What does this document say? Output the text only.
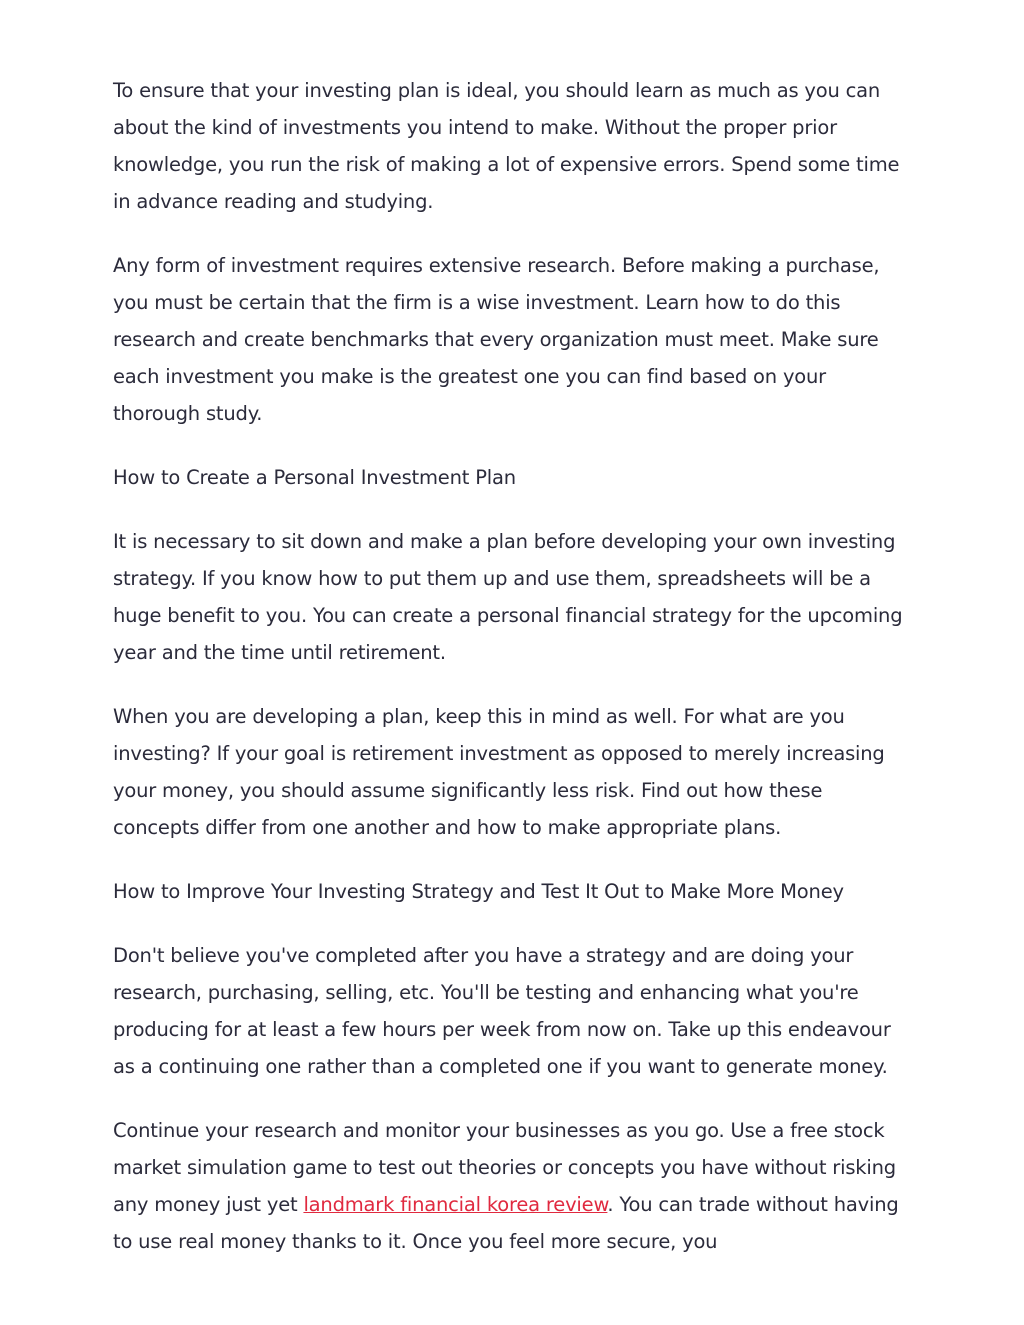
To ensure that your investing plan is ideal, you should learn as much as you can about the kind of investments you intend to make. Without the proper prior knowledge, you run the risk of making a lot of expensive errors. Spend some time in advance reading and studying.

Any form of investment requires extensive research. Before making a purchase, you must be certain that the firm is a wise investment. Learn how to do this research and create benchmarks that every organization must meet. Make sure each investment you make is the greatest one you can find based on your thorough study.

How to Create a Personal Investment Plan

It is necessary to sit down and make a plan before developing your own investing strategy. If you know how to put them up and use them, spreadsheets will be a huge benefit to you. You can create a personal financial strategy for the upcoming year and the time until retirement.

When you are developing a plan, keep this in mind as well. For what are you investing? If your goal is retirement investment as opposed to merely increasing your money, you should assume significantly less risk. Find out how these concepts differ from one another and how to make appropriate plans.

How to Improve Your Investing Strategy and Test It Out to Make More Money

Don't believe you've completed after you have a strategy and are doing your research, purchasing, selling, etc. You'll be testing and enhancing what you're producing for at least a few hours per week from now on. Take up this endeavour as a continuing one rather than a completed one if you want to generate money.

Continue your research and monitor your businesses as you go. Use a free stock market simulation game to test out theories or concepts you have without risking any money just yet landmark financial korea review. You can trade without having to use real money thanks to it. Once you feel more secure, you
